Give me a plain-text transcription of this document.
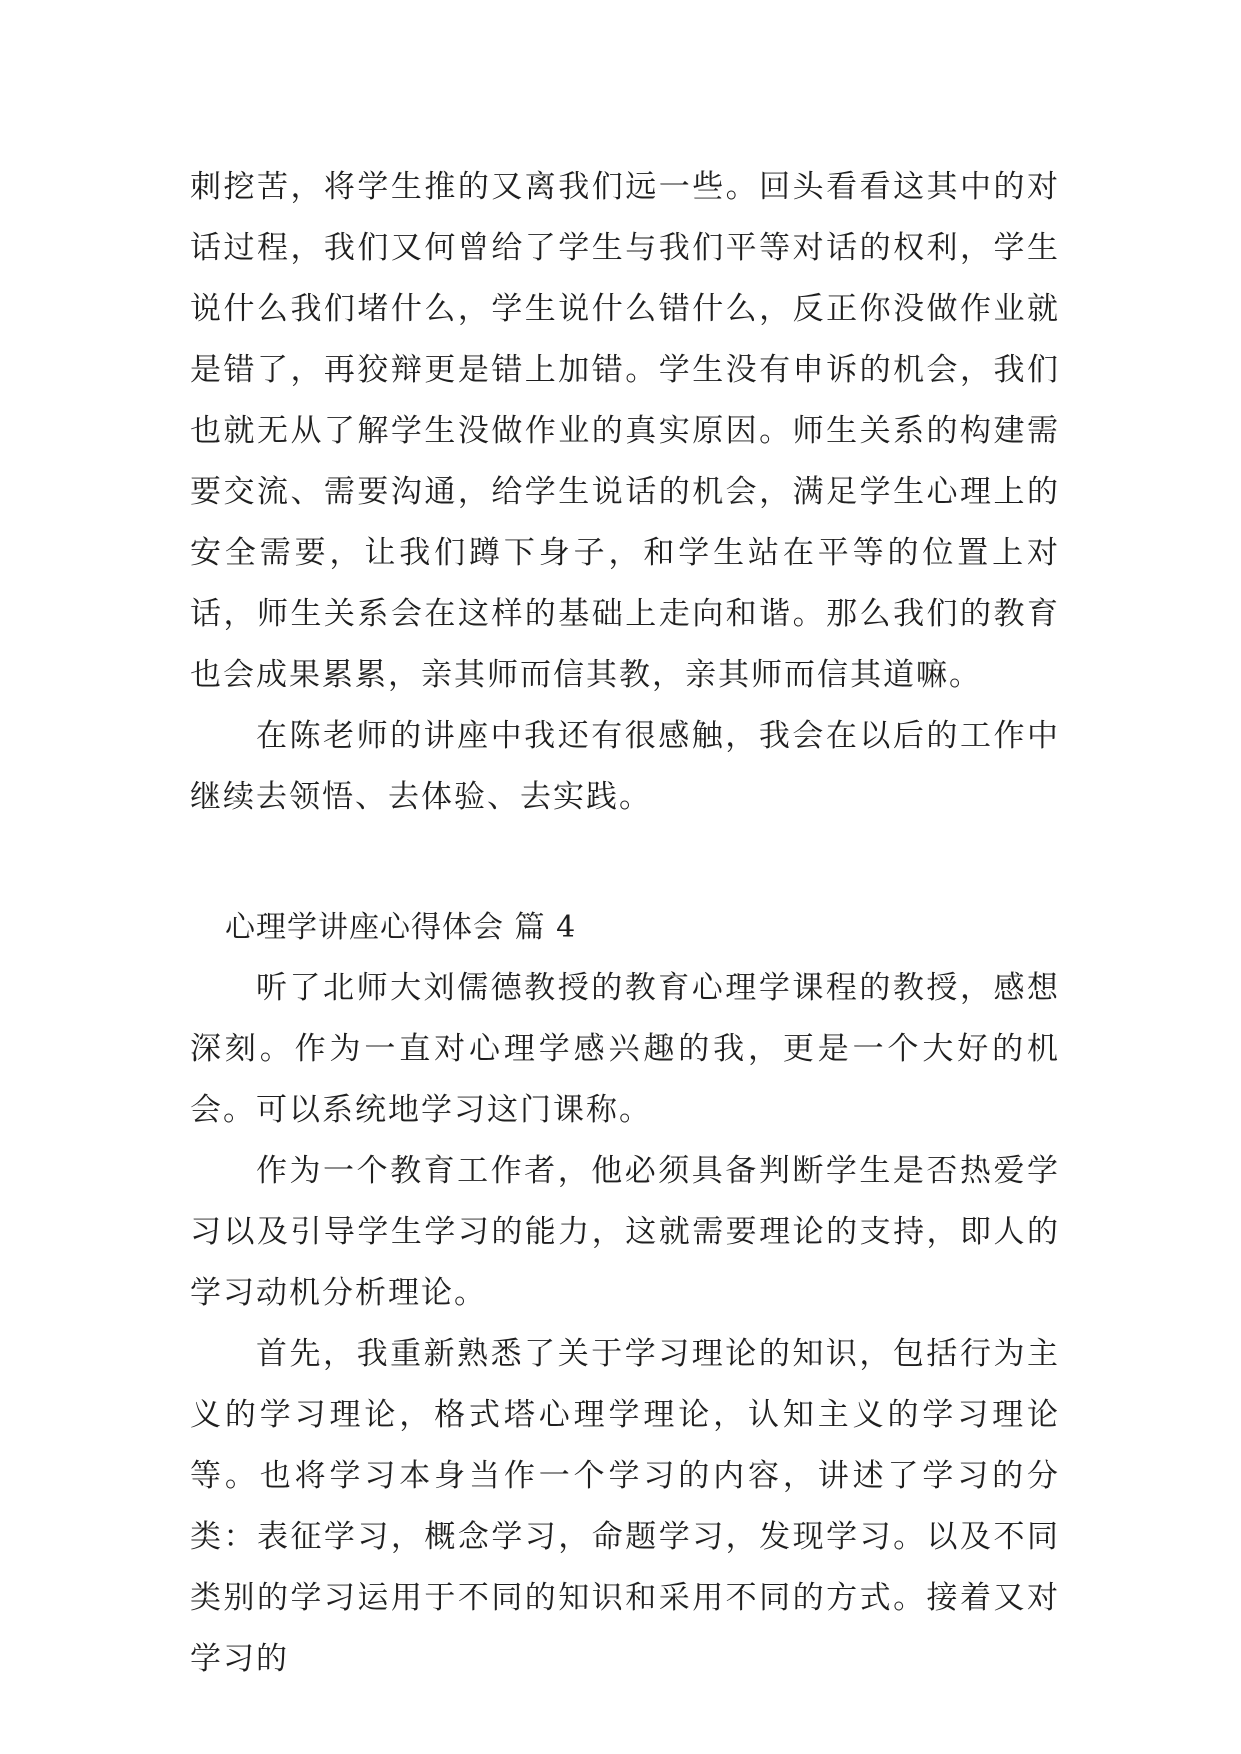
刺挖苦，将学生推的又离我们远一些。回头看看这其中的对话过程，我们又何曾给了学生与我们平等对话的权利，学生说什么我们堵什么，学生说什么错什么，反正你没做作业就是错了，再狡辩更是错上加错。学生没有申诉的机会，我们也就无从了解学生没做作业的真实原因。师生关系的构建需要交流、需要沟通，给学生说话的机会，满足学生心理上的安全需要，让我们蹲下身子，和学生站在平等的位置上对话，师生关系会在这样的基础上走向和谐。那么我们的教育也会成果累累，亲其师而信其教，亲其师而信其道嘛。

在陈老师的讲座中我还有很感触，我会在以后的工作中继续去领悟、去体验、去实践。

心理学讲座心得体会 篇 4

听了北师大刘儒德教授的教育心理学课程的教授，感想深刻。作为一直对心理学感兴趣的我，更是一个大好的机会。可以系统地学习这门课称。

作为一个教育工作者，他必须具备判断学生是否热爱学习以及引导学生学习的能力，这就需要理论的支持，即人的学习动机分析理论。

首先，我重新熟悉了关于学习理论的知识，包括行为主义的学习理论，格式塔心理学理论，认知主义的学习理论等。也将学习本身当作一个学习的内容，讲述了学习的分类：表征学习，概念学习，命题学习，发现学习。以及不同类别的学习运用于不同的知识和采用不同的方式。接着又对学习的
